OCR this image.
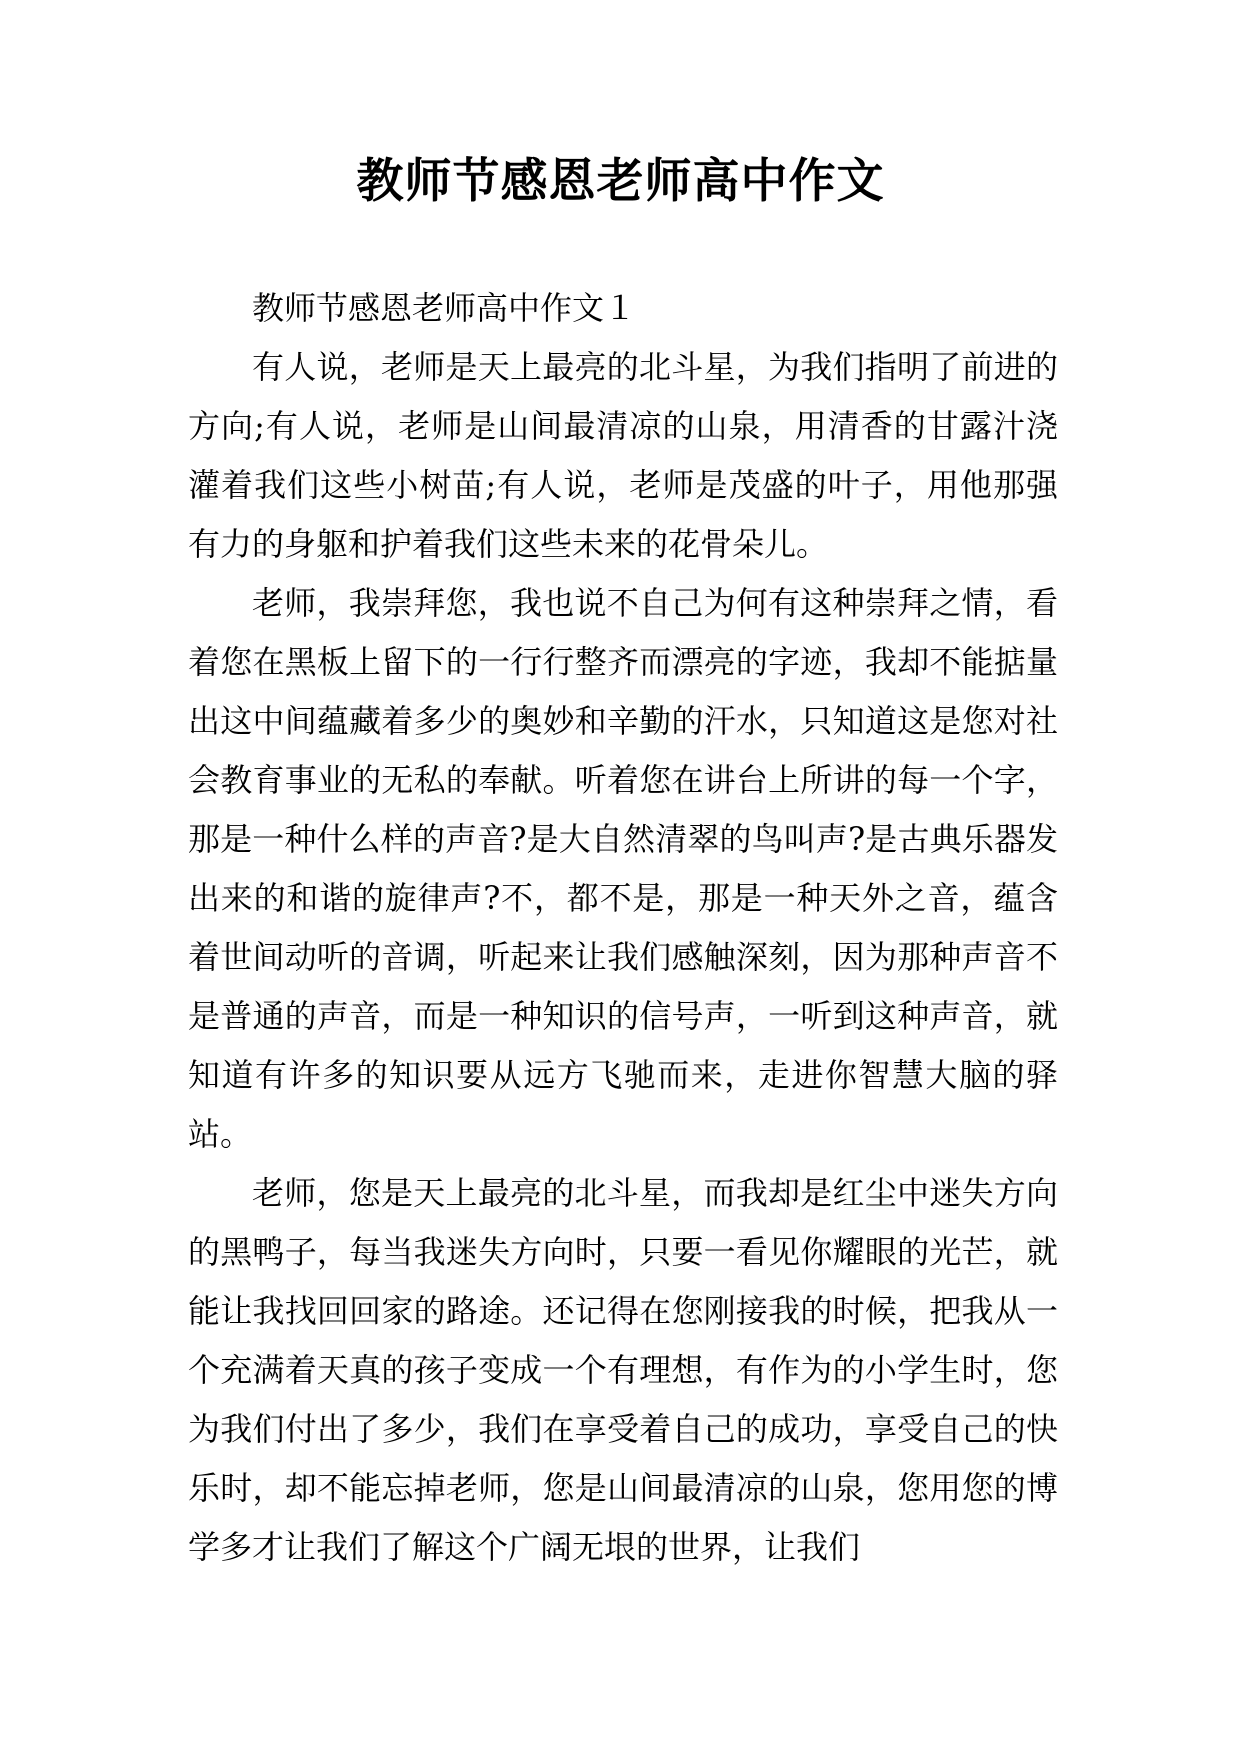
教师节感恩老师高中作文

教师节感恩老师高中作文１

有人说，老师是天上最亮的北斗星，为我们指明了前进的方向;有人说，老师是山间最清凉的山泉，用清香的甘露汁浇灌着我们这些小树苗;有人说，老师是茂盛的叶子，用他那强有力的身躯和护着我们这些未来的花骨朵儿。

老师，我崇拜您，我也说不自己为何有这种崇拜之情，看着您在黑板上留下的一行行整齐而漂亮的字迹，我却不能掂量出这中间蕴藏着多少的奥妙和辛勤的汗水，只知道这是您对社会教育事业的无私的奉献。听着您在讲台上所讲的每一个字，那是一种什么样的声音?是大自然清翠的鸟叫声?是古典乐器发出来的和谐的旋律声?不，都不是，那是一种天外之音，蕴含着世间动听的音调，听起来让我们感触深刻，因为那种声音不是普通的声音，而是一种知识的信号声，一听到这种声音，就知道有许多的知识要从远方飞驰而来，走进你智慧大脑的驿站。

老师，您是天上最亮的北斗星，而我却是红尘中迷失方向的黑鸭子，每当我迷失方向时，只要一看见你耀眼的光芒，就能让我找回回家的路途。还记得在您刚接我的时候，把我从一个充满着天真的孩子变成一个有理想，有作为的小学生时，您为我们付出了多少，我们在享受着自己的成功，享受自己的快乐时，却不能忘掉老师，您是山间最清凉的山泉，您用您的博学多才让我们了解这个广阔无垠的世界，让我们
